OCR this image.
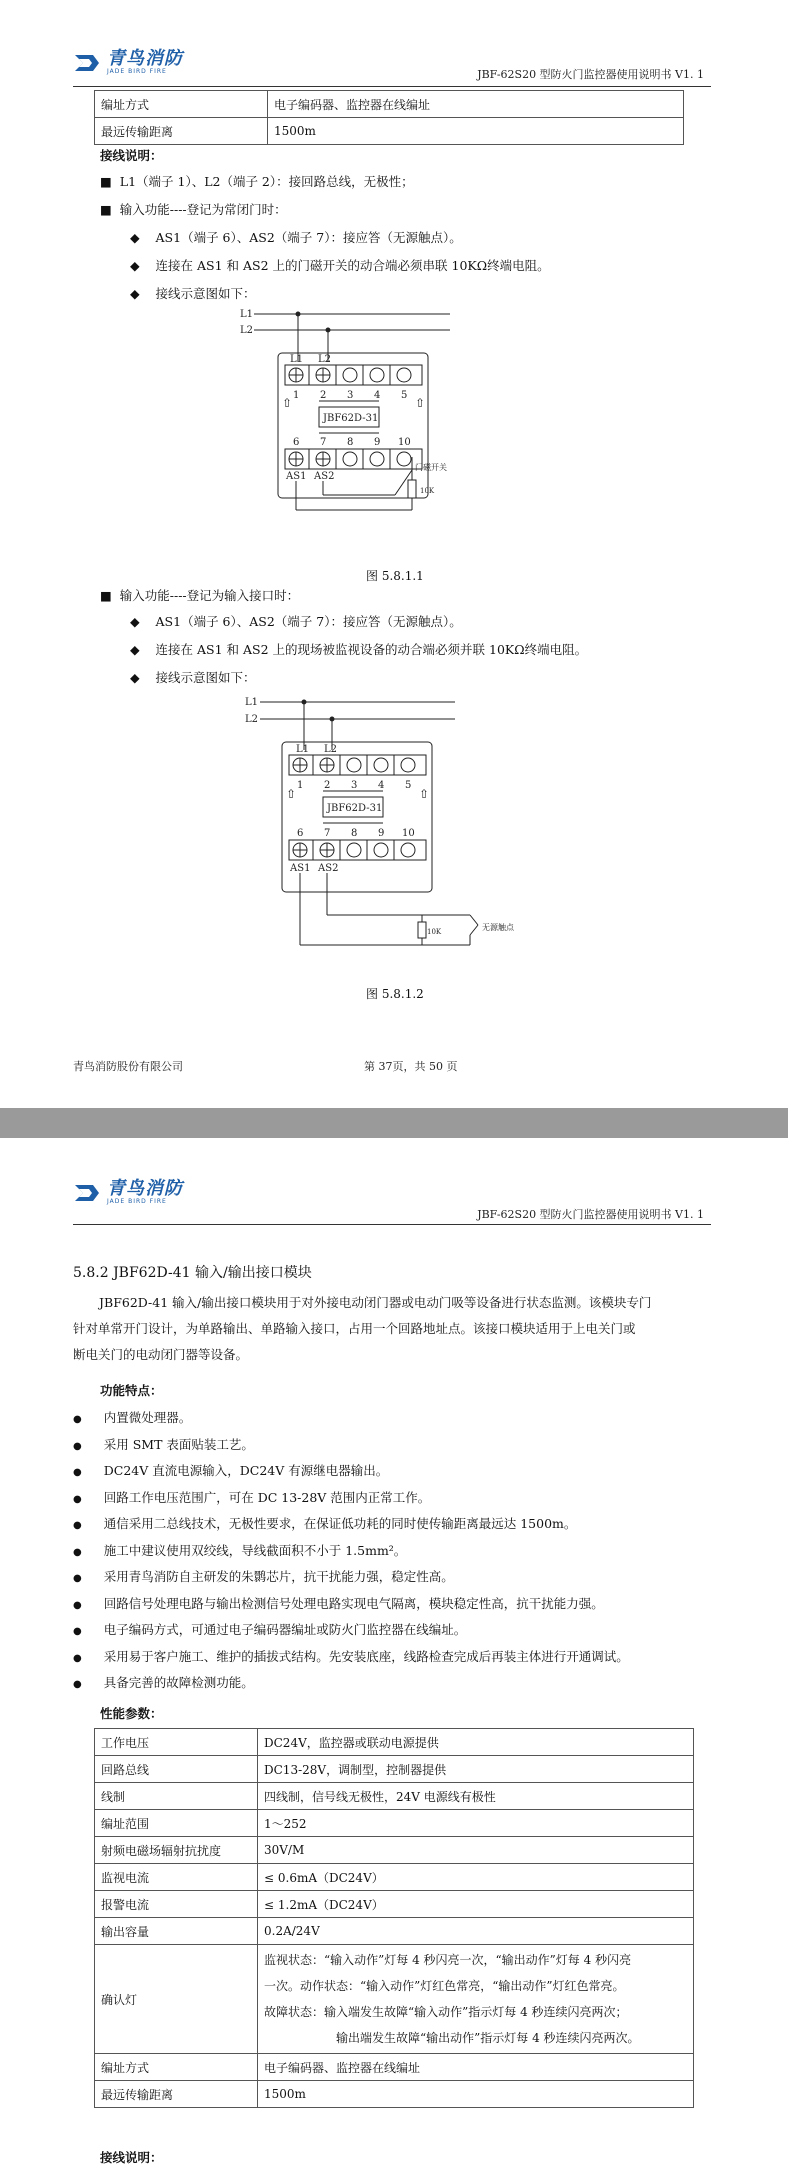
青鸟消防
JADE BIRD FIRE	JBF-62S20 型防火门监控器使用说明书 V1. 1
编址方式	电子编码器、监控器在线编址
最远传输距离	1500m
接线说明：
■ L1（端子 1）、L2（端子 2）：接回路总线，无极性；
■ 输入功能----登记为常闭门时：
◆ AS1（端子 6）、AS2（端子 7）：接应答（无源触点）。
◆ 连接在 AS1 和 AS2 上的门磁开关的动合端必须串联 10KΩ终端电阻。
◆ 接线示意图如下：
L1
L2
L1 L2
1 2 3 4 5
⇧	⇧
JBF62D-31
6 7 8 9 10
AS1 AS2
门磁开关
10K
图 5.8.1.1
■ 输入功能----登记为输入接口时：
◆ AS1（端子 6）、AS2（端子 7）：接应答（无源触点）。
◆ 连接在 AS1 和 AS2 上的现场被监视设备的动合端必须并联 10KΩ终端电阻。
◆ 接线示意图如下：
L1
L2
L1 L2
1 2 3 4 5
⇧	⇧
JBF62D-31
6 7 8 9 10
AS1 AS2
10K	无源触点
图 5.8.1.2
青鸟消防股份有限公司	第 37页，共 50 页
青鸟消防
JADE BIRD FIRE
JBF-62S20 型防火门监控器使用说明书 V1. 1
5.8.2 JBF62D-41 输入/输出接口模块
JBF62D-41 输入/输出接口模块用于对外接电动闭门器或电动门吸等设备进行状态监测。该模块专门
针对单常开门设计，为单路输出、单路输入接口，占用一个回路地址点。该接口模块适用于上电关门或
断电关门的电动闭门器等设备。
功能特点：
● 内置微处理器。
● 采用 SMT 表面贴装工艺。
● DC24V 直流电源输入，DC24V 有源继电器输出。
● 回路工作电压范围广，可在 DC 13-28V 范围内正常工作。
● 通信采用二总线技术，无极性要求，在保证低功耗的同时使传输距离最远达 1500m。
● 施工中建议使用双绞线，导线截面积不小于 1.5mm²。
● 采用青鸟消防自主研发的朱鹮芯片，抗干扰能力强，稳定性高。
● 回路信号处理电路与输出检测信号处理电路实现电气隔离，模块稳定性高，抗干扰能力强。
● 电子编码方式，可通过电子编码器编址或防火门监控器在线编址。
● 采用易于客户施工、维护的插拔式结构。先安装底座，线路检查完成后再装主体进行开通调试。
● 具备完善的故障检测功能。
性能参数：
工作电压	DC24V，监控器或联动电源提供
回路总线	DC13-28V，调制型，控制器提供
线制	四线制，信号线无极性，24V 电源线有极性
编址范围	1～252
射频电磁场辐射抗扰度	30V/M
监视电流	≤ 0.6mA（DC24V）
报警电流	≤ 1.2mA（DC24V）
输出容量	0.2A/24V
确认灯	监视状态：“输入动作”灯每 4 秒闪亮一次，“输出动作”灯每 4 秒闪亮
一次。动作状态：“输入动作”灯红色常亮，“输出动作”灯红色常亮。
故障状态：输入端发生故障“输入动作”指示灯每 4 秒连续闪亮两次；
输出端发生故障“输出动作”指示灯每 4 秒连续闪亮两次。

编址方式	电子编码器、监控器在线编址
最远传输距离	1500m
接线说明：
